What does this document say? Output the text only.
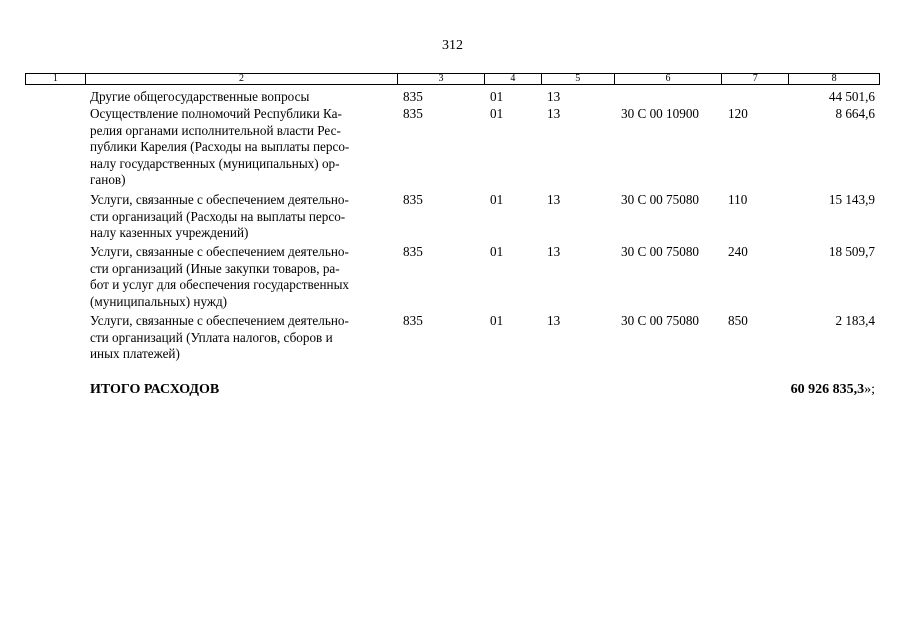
312
1	2	3	4	5	6	7	8
Другие общегосударственные вопросы	835	01	13	44 501,6
Осуществление полномочий Республики Ка-
релия органами исполнительной власти Рес-
публики Карелия (Расходы на выплаты персо-
налу государственных (муниципальных) ор-
ганов)
835	01	13	30 С 00 10900 120	8 664,6
Услуги, связанные с обеспечением деятельно-
сти организаций (Расходы на выплаты персо-
налу казенных учреждений)
835	01	13	30 С 00 75080 110	15 143,9
Услуги, связанные с обеспечением деятельно-
сти организаций (Иные закупки товаров, ра-
бот и услуг для обеспечения государственных
(муниципальных) нужд)
835	01	13	30 С 00 75080 240	18 509,7
Услуги, связанные с обеспечением деятельно-
сти организаций (Уплата налогов, сборов и
иных платежей)
835	01	13	30 С 00 75080 850	2 183,4
ИТОГО РАСХОДОВ	60 926 835,3»;
